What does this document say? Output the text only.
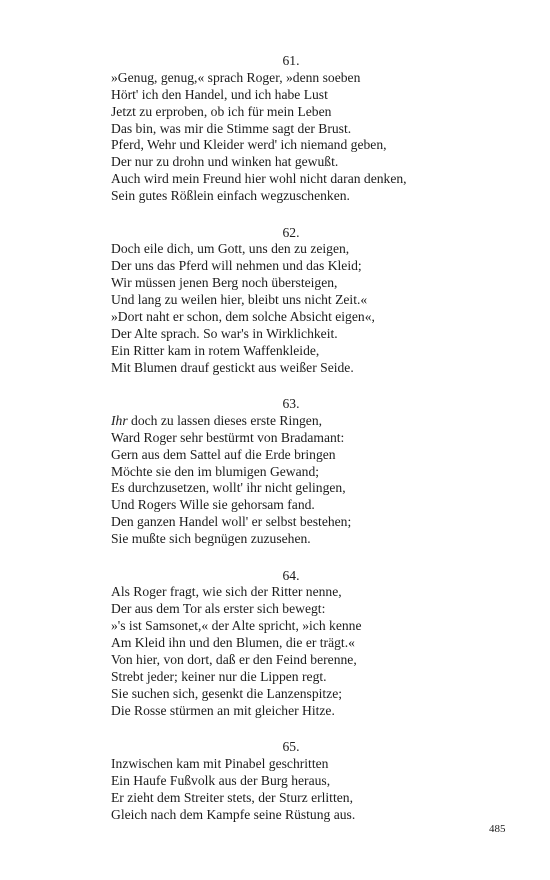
61.
»Genug, genug,« sprach Roger, »denn soeben
Hört' ich den Handel, und ich habe Lust
Jetzt zu erproben, ob ich für mein Leben
Das bin, was mir die Stimme sagt der Brust.
Pferd, Wehr und Kleider werd' ich niemand geben,
Der nur zu drohn und winken hat gewußt.
Auch wird mein Freund hier wohl nicht daran denken,
Sein gutes Rößlein einfach wegzuschenken.
62.
Doch eile dich, um Gott, uns den zu zeigen,
Der uns das Pferd will nehmen und das Kleid;
Wir müssen jenen Berg noch übersteigen,
Und lang zu weilen hier, bleibt uns nicht Zeit.«
»Dort naht er schon, dem solche Absicht eigen«,
Der Alte sprach. So war's in Wirklichkeit.
Ein Ritter kam in rotem Waffenkleide,
Mit Blumen drauf gestickt aus weißer Seide.
63.
Ihr doch zu lassen dieses erste Ringen,
Ward Roger sehr bestürmt von Bradamant:
Gern aus dem Sattel auf die Erde bringen
Möchte sie den im blumigen Gewand;
Es durchzusetzen, wollt' ihr nicht gelingen,
Und Rogers Wille sie gehorsam fand.
Den ganzen Handel woll' er selbst bestehen;
Sie mußte sich begnügen zuzusehen.
64.
Als Roger fragt, wie sich der Ritter nenne,
Der aus dem Tor als erster sich bewegt:
»'s ist Samsonet,« der Alte spricht, »ich kenne
Am Kleid ihn und den Blumen, die er trägt.«
Von hier, von dort, daß er den Feind berenne,
Strebt jeder; keiner nur die Lippen regt.
Sie suchen sich, gesenkt die Lanzenspitze;
Die Rosse stürmen an mit gleicher Hitze.
65.
Inzwischen kam mit Pinabel geschritten
Ein Haufe Fußvolk aus der Burg heraus,
Er zieht dem Streiter stets, der Sturz erlitten,
Gleich nach dem Kampfe seine Rüstung aus.
485
